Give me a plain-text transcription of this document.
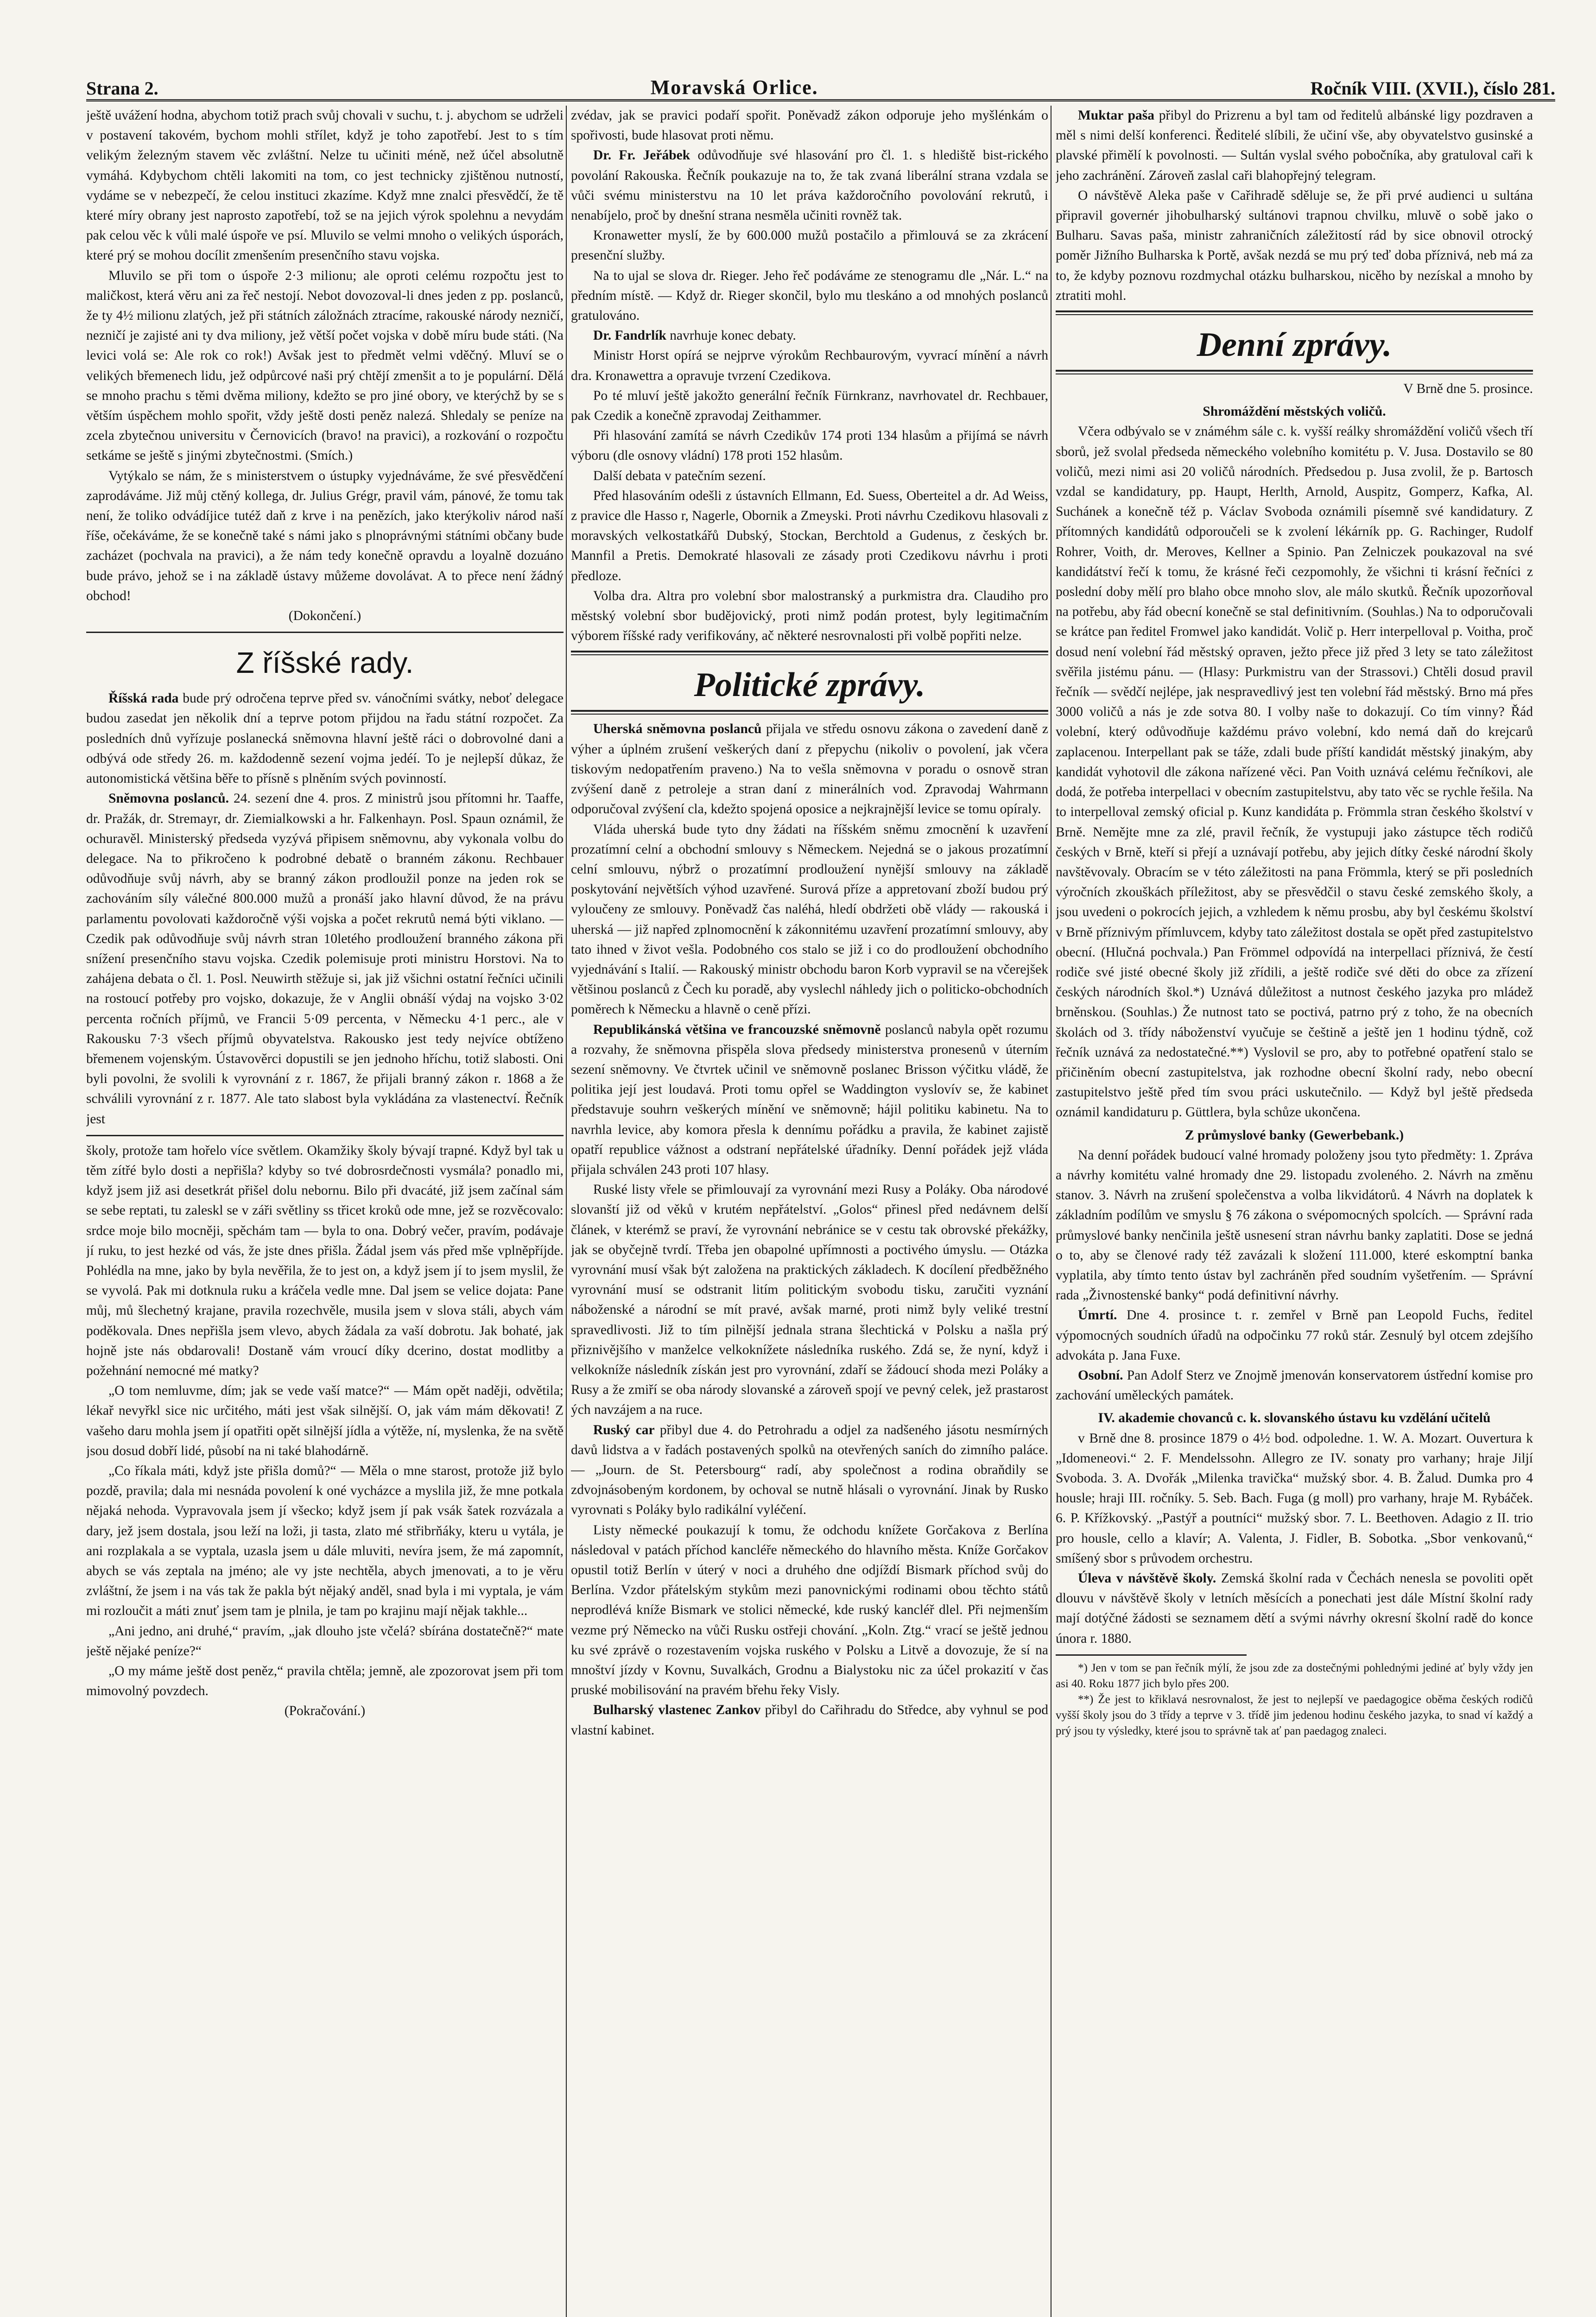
Strana 2.	Moravská Orlice.	Ročník VIII. (XVII.), číslo 281.

ještě uvážení hodna, abychom totiž prach svůj chovali v suchu, t. j. abychom se udrželi v postavení takovém, bychom mohli střílet, když je toho zapotřebí. Jest to s tím velikým železným stavem věc zvláštní. Nelze tu učiniti méně, než účel absolutně vymáhá. Kdybychom chtěli lakomiti na tom, co jest technicky zjištěnou nutností, vydáme se v nebezpečí, že celou instituci zkazíme. Když mne znalci přesvědčí, že tě které míry obrany jest naprosto zapotřebí, tož se na jejich výrok spolehnu a nevydám pak celou věc k vůli malé úspoře ve psí. Mluvilo se velmi mnoho o velikých úsporách, které prý se mohou docílit zmenšením presenčního stavu vojska.

Mluvilo se při tom o úspoře 2·3 milionu; ale oproti celému rozpočtu jest to maličkost, která věru ani za řeč nestojí. Nebot dovozoval-li dnes jeden z pp. poslanců, že ty 4½ milionu zlatých, jež při státních záložnách ztracíme, rakouské národy nezničí, nezničí je zajisté ani ty dva miliony, jež větší počet vojska v době míru bude státi. (Na levici volá se: Ale rok co rok!) Avšak jest to předmět velmi vděčný. Mluví se o velikých břemenech lidu, jež odpůrcové naši prý chtějí zmenšit a to je populární. Dělá se mnoho prachu s těmi dvěma miliony, kdežto se pro jiné obory, ve kterýchž by se s větším úspěchem mohlo spořit, vždy ještě dosti peněz nalezá. Shledaly se peníze na zcela zbytečnou universitu v Černovicích (bravo! na pravici), a rozkování o rozpočtu setkáme se ještě s jinými zbytečnostmi. (Smích.)

Vytýkalo se nám, že s ministerstvem o ústupky vyjednáváme, že své přesvědčení zaprodáváme. Již můj ctěný kollega, dr. Julius Grégr, pravil vám, pánové, že tomu tak není, že toliko odvádíjice tutéž daň z krve i na penězích, jako kterýkoliv národ naší říše, očekáváme, že se konečně také s námi jako s plnoprávnými státními občany bude zacházet (pochvala na pravici), a že nám tedy konečně opravdu a loyalně dozuáno bude právo, jehož se i na základě ústavy můžeme dovolávat. A to přece není žádný obchod!

(Dokončení.)

Z říšské rady.

Říšská rada bude prý odročena teprve před sv. vánočními svátky, neboť delegace budou zasedat jen několik dní a teprve potom přijdou na řadu státní rozpočet. Za posledních dnů vyřízuje poslanecká sněmovna hlavní ještě ráci o dobrovolné dani a odbývá ode středy 26. m. každodenně sezení vojma jedéí. To je nejlepší důkaz, že autonomistická většina běře to přísně s plněním svých povinností.

Sněmovna poslanců. 24. sezení dne 4. pros. Z ministrů jsou přítomni hr. Taaffe, dr. Pražák, dr. Stremayr, dr. Ziemialkowski a hr. Falkenhayn. Posl. Spaun oznámil, že ochuravěl. Ministerský předseda vyzývá připisem sněmovnu, aby vykonala volbu do delegace. Na to přikročeno k podrobné debatě o branném zákonu. Rechbauer odůvodňuje svůj návrh, aby se branný zákon prodloužil ponze na jeden rok se zachováním síly válečné 800.000 mužů a pronáší jako hlavní důvod, že na právu parlamentu povolovati každoročně výši vojska a počet rekrutů nemá býti viklano. — Czedik pak odůvodňuje svůj návrh stran 10letého prodloužení branného zákona při snížení presenčního stavu vojska. Czedik polemisuje proti ministru Horstovi. Na to zahájena debata o čl. 1. Posl. Neuwirth stěžuje si, jak již všichni ostatní řečníci učinili na rostoucí potřeby pro vojsko, dokazuje, že v Anglii obnáší výdaj na vojsko 3·02 percenta ročních příjmů, ve Francii 5·09 percenta, v Německu 4·1 perc., ale v Rakousku 7·3 všech příjmů obyvatelstva. Rakousko jest tedy nejvíce obtíženo břemenem vojenským. Ústavověrci dopustili se jen jednoho hříchu, totiž slabosti. Oni byli povolni, že svolili k vyrovnání z r. 1867, že přijali branný zákon r. 1868 a že schválili vyrovnání z r. 1877. Ale tato slabost byla vykládána za vlastenectví. Řečník jest

školy, protože tam hořelo více světlem. Okamžiky školy bývají trapné. Když byl tak u těm zítřé bylo dosti a nepřišla? kdyby so tvé dobrosrdečnosti vysmála? ponadlo mi, když jsem již asi desetkrát přišel dolu nebornu. Bilo při dvacáté, již jsem začínal sám se sebe reptati, tu zaleskl se v záři světliny ss třicet kroků ode mne, jež se rozvěcovalo: srdce moje bilo mocněji, spěchám tam — byla to ona. Dobrý večer, pravím, podávaje jí ruku, to jest hezké od vás, že jste dnes přišla. Žádal jsem vás před mše vplněpříjde. Pohlédla na mne, jako by byla nevěřila, že to jest on, a když jsem jí to jsem myslil, že se vyvolá. Pak mi dotknula ruku a kráčela vedle mne. Dal jsem se velice dojata: Pane můj, mů šlechetný krajane, pravila rozechvěle, musila jsem v slova stáli, abych vám poděkovala. Dnes nepřišla jsem vlevo, abych žádala za vaší dobrotu. Jak bohaté, jak hojně jste nás obdarovali! Dostaně vám vroucí díky dcerino, dostat modlitby a požehnání nemocné mé matky?

„O tom nemluvme, dím; jak se vede vaší matce?“ — Mám opět naději, odvětila; lékař nevyřkl sice nic určitého, máti jest však silnější. O, jak vám mám děkovati! Z vašeho daru mohla jsem jí opatřiti opět silnější jídla a výtěže, ní, myslenka, že na světě jsou dosud dobří lidé, působí na ni také blahodárně.

„Co říkala máti, když jste přišla domů?“ — Měla o mne starost, protože již bylo pozdě, pravila; dala mi nesnáda povolení k oné vycházce a myslila již, že mne potkala nějaká nehoda. Vypravovala jsem jí všecko; když jsem jí pak vsák šatek rozvázala a dary, jež jsem dostala, jsou leží na loži, ji tasta, zlato mé střibrňáky, kteru u vytála, je ani rozplakala a se vyptala, uzasla jsem u dále mluviti, nevíra jsem, že má zapomnít, abych se vás zeptala na jméno; ale vy jste nechtěla, abych jmenovati, a to je věru zvláštní, že jsem i na vás tak že pakla být nějaký anděl, snad byla i mi vyptala, je vám mi rozloučit a máti znuť jsem tam je plnila, je tam po krajinu mají nějak takhle...

„Ani jedno, ani druhé,“ pravím, „jak dlouho jste včelá? sbírána dostatečně?“ mate ještě nějaké peníze?“

„O my máme ještě dost peněz,“ pravila chtěla; jemně, ale zpozorovat jsem při tom mimovolný povzdech.

(Pokračování.)

zvédav, jak se pravici podaří spořit. Poněvadž zákon odporuje jeho myšlénkám o spořivosti, bude hlasovat proti němu.

Dr. Fr. Jeřábek odůvodňuje své hlasování pro čl. 1. s hlediště bist-rického povolání Rakouska. Řečník poukazuje na to, že tak zvaná liberální strana vzdala se vůči svému ministerstvu na 10 let práva každoročního povolování rekrutů, i nenabíjelo, proč by dnešní strana nesměla učiniti rovněž tak.

Kronawetter myslí, že by 600.000 mužů postačilo a přimlouvá se za zkrácení presenční služby.

Na to ujal se slova dr. Rieger. Jeho řeč podáváme ze stenogramu dle „Nár. L.“ na předním místě. — Když dr. Rieger skončil, bylo mu tleskáno a od mnohých poslanců gratulováno.

Dr. Fandrlík navrhuje konec debaty.

Ministr Horst opírá se nejprve výrokům Rechbaurovým, vyvrací mínění a návrh dra. Kronawettra a opravuje tvrzení Czedikova.

Po té mluví ještě jakožto generální řečník Fürnkranz, navrhovatel dr. Rechbauer, pak Czedik a konečně zpravodaj Zeithammer.

Při hlasování zamítá se návrh Czedikův 174 proti 134 hlasům a přijímá se návrh výboru (dle osnovy vládní) 178 proti 152 hlasům.

Další debata v patečním sezení.

Před hlasováním odešli z ústavních Ellmann, Ed. Suess, Oberteitel a dr. Ad Weiss, z pravice dle Hasso r, Nagerle, Obornik a Zmeyski. Proti návrhu Czedikovu hlasovali z moravských velkostatkářů Dubský, Stockan, Berchtold a Gudenus, z českých br. Mannfil a Pretis. Demokraté hlasovali ze zásady proti Czedikovu návrhu i proti předloze.

Volba dra. Altra pro volební sbor malostranský a purkmistra dra. Claudiho pro městský volební sbor budějovický, proti nimž podán protest, byly legitimačním výborem říšské rady verifikovány, ač některé nesrovnalosti při volbě popřiti nelze.

Politické zprávy.

Uherská sněmovna poslanců přijala ve středu osnovu zákona o zavedení daně z výher a úplném zrušení veškerých daní z přepychu (nikoliv o povolení, jak včera tiskovým nedopatřením praveno.) Na to vešla sněmovna v poradu o osnově stran zvýšení daně z petroleje a stran daní z minerálních vod. Zpravodaj Wahrmann odporučoval zvýšení cla, kdežto spojená oposice a nejkrajnější levice se tomu opíraly.

Vláda uherská bude tyto dny žádati na říšském sněmu zmocnění k uzavření prozatímní celní a obchodní smlouvy s Německem. Nejedná se o jakous prozatímní celní smlouvu, nýbrž o prozatímní prodloužení nynější smlouvy na základě poskytování největších výhod uzavřené. Surová příze a appretovaní zboží budou prý vyloučeny ze smlouvy. Poněvadž čas naléhá, hledí obdržeti obě vlády — rakouská i uherská — již napřed zplnomocnění k zákonnitému uzavření prozatímní smlouvy, aby tato ihned v život vešla. Podobného cos stalo se již i co do prodloužení obchodního vyjednávání s Italií. — Rakouský ministr obchodu baron Korb vypravil se na včerejšek většinou poslanců z Čech ku poradě, aby vyslechl náhledy jich o politicko-obchodních poměrech k Německu a hlavně o ceně přízi.

Republikánská většina ve francouzské sněmovně poslanců nabyla opět rozumu a rozvahy, že sněmovna přispěla slova předsedy ministerstva pronesenů v úterním sezení sněmovny. Ve čtvrtek učinil ve sněmovně poslanec Brisson výčitku vládě, že politika její jest loudavá. Proti tomu opřel se Waddington vyslovív se, že kabinet představuje souhrn veškerých mínění ve sněmovně; hájil politiku kabinetu. Na to navrhla levice, aby komora přesla k dennímu pořádku a pravila, že kabinet zajistě opatří republice vážnost a odstraní nepřátelské úřadníky. Denní pořádek jejž vláda přijala schválen 243 proti 107 hlasy.

Ruské listy vřele se přimlouvají za vyrovnání mezi Rusy a Poláky. Oba národové slovanští již od věků v krutém nepřátelství. „Golos“ přinesl před nedávnem delší článek, v kterémž se praví, že vyrovnání nebránice se v cestu tak obrovské překážky, jak se obyčejně tvrdí. Třeba jen obapolné upřímnosti a poctivého úmyslu. — Otázka vyrovnání musí však být založena na praktických základech. K docílení předběžného vyrovnání musí se odstranit litím politickým svobodu tisku, zaručiti vyznání náboženské a národní se mít pravé, avšak marné, proti nimž byly veliké trestní spravedlivosti. Již to tím pilnější jednala strana šlechtická v Polsku a našla prý přiznivějšího v manželce velkoknížete následníka ruského. Zdá se, že nyní, když i velkokníže následník získán jest pro vyrovnání, zdaří se žádoucí shoda mezi Poláky a Rusy a že zmiří se oba národy slovanské a zároveň spojí ve pevný celek, jež prastarost ých navzájem a na ruce.

Ruský car přibyl due 4. do Petrohradu a odjel za nadšeného jásotu nesmírných davů lidstva a v řadách postavených spolků na otevřených saních do zimního paláce. — „Journ. de St. Petersbourg“ radí, aby společnost a rodina obraňdily se zdvojnásobeným kordonem, by ochoval se nutně hlásali o vyrovnání. Jinak by Rusko vyrovnati s Poláky bylo radikální vyléčení.

Listy německé poukazují k tomu, že odchodu knížete Gorčakova z Berlína následoval v patách příchod kancléře německého do hlavního města. Kníže Gorčakov opustil totiž Berlín v úterý v noci a druhého dne odjíždí Bismark příchod svůj do Berlína. Vzdor přátelským stykům mezi panovnickými rodinami obou těchto států neprodlévá kníže Bismark ve stolici německé, kde ruský kancléř dlel. Při nejmenším vezme prý Německo na vůči Rusku ostřeji chování. „Koln. Ztg.“ vrací se ještě jednou ku své zprávě o rozestavením vojska ruského v Polsku a Litvě a dovozuje, že sí na mnoštví jízdy v Kovnu, Suvalkách, Grodnu a Bialystoku nic za účel prokazití v čas pruské mobilisování na pravém břehu řeky Visly.

Bulharský vlastenec Zankov přibyl do Cařihradu do Středce, aby vyhnul se pod vlastní kabinet.

Muktar paša přibyl do Prizrenu a byl tam od ředitelů albánské ligy pozdraven a měl s nimi delší konferenci. Ředitelé slíbili, že učiní vše, aby obyvatelstvo gusinské a plavské přimělí k povolnosti. — Sultán vyslal svého pobočníka, aby gratuloval caři k jeho zachránění. Zároveň zaslal caři blahopřejný telegram.

O návštěvě Aleka paše v Cařihradě sděluje se, že při prvé audienci u sultána připravil governér jihobulharský sultánovi trapnou chvilku, mluvě o sobě jako o Bulharu. Savas paša, ministr zahraničních záležitostí rád by sice obnovil otrocký poměr Jižního Bulharska k Portě, avšak nezdá se mu prý teď doba příznivá, neb má za to, že kdyby poznovu rozdmychal otázku bulharskou, nicěho by nezískal a mnoho by ztratiti mohl.

Denní zprávy.

V Brně dne 5. prosince.

Shromáždění městských voličů.

Včera odbývalo se v známéhm sále c. k. vyšší reálky shromáždění voličů všech tří sborů, jež svolal předseda německého volebního komitétu p. V. Jusa. Dostavilo se 80 voličů, mezi nimi asi 20 voličů národních. Předsedou p. Jusa zvolil, že p. Bartosch vzdal se kandidatury, pp. Haupt, Herlth, Arnold, Auspitz, Gomperz, Kafka, Al. Suchánek a konečně též p. Václav Svoboda oznámili písemně své kandidatury. Z přítomných kandidátů odporoučeli se k zvolení lékárník pp. G. Rachinger, Rudolf Rohrer, Voith, dr. Meroves, Kellner a Spinio. Pan Zelniczek poukazoval na své kandidátství řečí k tomu, že krásné řeči cezpomohly, že všichni ti krásní řečníci z poslední doby mělí pro blaho obce mnoho slov, ale málo skutků. Řečník upozorňoval na potřebu, aby řád obecní konečně se stal definitivním. (Souhlas.) Na to odporučovali se krátce pan ředitel Fromwel jako kandidát. Volič p. Herr interpelloval p. Voitha, proč dosud není volební řád městský opraven, ježto přece již před 3 lety se tato záležitost svěřila jistému pánu. — (Hlasy: Purkmistru van der Strassovi.) Chtěli dosud pravil řečník — svědčí nejlépe, jak nespravedlivý jest ten volební řád městský. Brno má přes 3000 voličů a nás je zde sotva 80. I volby naše to dokazují. Co tím vinny? Řád volební, který odůvodňuje každému právo volební, kdo nemá daň do krejcarů zaplacenou. Interpellant pak se táže, zdali bude příští kandidát městský jinakým, aby kandidát vyhotovil dle zákona nařízené věci. Pan Voith uznává celému řečníkovi, ale dodá, že potřeba interpellaci v obecním zastupitelstvu, aby tato věc se rychle řešila. Na to interpelloval zemský oficial p. Kunz kandidáta p. Frömmla stran českého školství v Brně. Nemějte mne za zlé, pravil řečník, že vystupuji jako zástupce těch rodičů českých v Brně, kteří si přejí a uznávají potřebu, aby jejich dítky české národní školy navštěvovaly. Obracím se v této záležitosti na pana Frömmla, který se při posledních výročních zkouškách příležitost, aby se přesvědčil o stavu české zemského školy, a jsou uvedeni o pokrocích jejich, a vzhledem k němu prosbu, aby byl českému školství v Brně příznivým přímluvcem, kdyby tato záležitost dostala se opět před zastupitelstvo obecní. (Hlučná pochvala.) Pan Frömmel odpovídá na interpellaci příznivá, že čestí rodiče své jisté obecné školy již zřídili, a ještě rodiče své děti do obce za zřízení českých národních škol.*) Uznává důležitost a nutnost českého jazyka pro mládež brněnskou. (Souhlas.) Že nutnost tato se poctivá, patrno prý z toho, že na obecních školách od 3. třídy náboženství vyučuje se češtině a ještě jen 1 hodinu týdně, což řečník uznává za nedostatečné.**) Vyslovil se pro, aby to potřebné opatření stalo se přičiněním obecní zastupitelstva, jak rozhodne obecní školní rady, nebo obecní zastupitelstvo ještě před tím svou práci uskutečnilo. — Když byl ještě předseda oznámil kandidaturu p. Güttlera, byla schůze ukončena.

Z průmyslové banky (Gewerbebank.)

Na denní pořádek budoucí valné hromady položeny jsou tyto předměty: 1. Zpráva a návrhy komitétu valné hromady dne 29. listopadu zvoleného. 2. Návrh na změnu stanov. 3. Návrh na zrušení společenstva a volba likvidátorů. 4 Návrh na doplatek k základním podílům ve smyslu § 76 zákona o svépomocných spolcích. — Správní rada průmyslové banky nenčinila ještě usnesení stran návrhu banky zaplatiti. Dose se jedná o to, aby se členové rady též zavázali k složení 111.000, které eskomptní banka vyplatila, aby tímto tento ústav byl zachráněn před soudním vyšetřením. — Správní rada „Živnostenské banky“ podá definitivní návrhy.

Úmrtí. Dne 4. prosince t. r. zemřel v Brně pan Leopold Fuchs, ředitel výpomocných soudních úřadů na odpočinku 77 roků stár. Zesnulý byl otcem zdejšího advokáta p. Jana Fuxe.

Osobní. Pan Adolf Sterz ve Znojmě jmenován konservatorem ústřední komise pro zachování uměleckých památek.

IV. akademie chovanců c. k. slovanského ústavu ku vzdělání učitelů

v Brně dne 8. prosince 1879 o 4½ bod. odpoledne. 1. W. A. Mozart. Ouvertura k „Idomeneovi.“ 2. F. Mendelssohn. Allegro ze IV. sonaty pro varhany; hraje Jiljí Svoboda. 3. A. Dvořák „Milenka travička“ mužský sbor. 4. B. Žalud. Dumka pro 4 housle; hraji III. ročníky. 5. Seb. Bach. Fuga (g moll) pro varhany, hraje M. Rybáček. 6. P. Křížkovský. „Pastýř a poutníci“ mužský sbor. 7. L. Beethoven. Adagio z II. trio pro housle, cello a klavír; A. Valenta, J. Fidler, B. Sobotka. „Sbor venkovanů,“ smíšený sbor s průvodem orchestru.

Úleva v návštěvě školy. Zemská školní rada v Čechách nenesla se povoliti opět dlouvu v návštěvě školy v letních měsících a ponechati jest dále Místní školní rady mají dotýčné žádosti se seznamem dětí a svými návrhy okresní školní radě do konce února r. 1880.

*) Jen v tom se pan řečník mýlí, že jsou zde za dostečnými pohlednými jediné ať byly vždy jen asi 40. Roku 1877 jich bylo přes 200.

**) Že jest to křiklavá nesrovnalost, že jest to nejlepší ve paedagogice oběma českých rodičů vyšší školy jsou do 3 třídy a teprve v 3. třídě jim jedenou hodinu českého jazyka, to snad ví každý a prý jsou ty výsledky, které jsou to správně tak ať pan paedagog znaleci.
